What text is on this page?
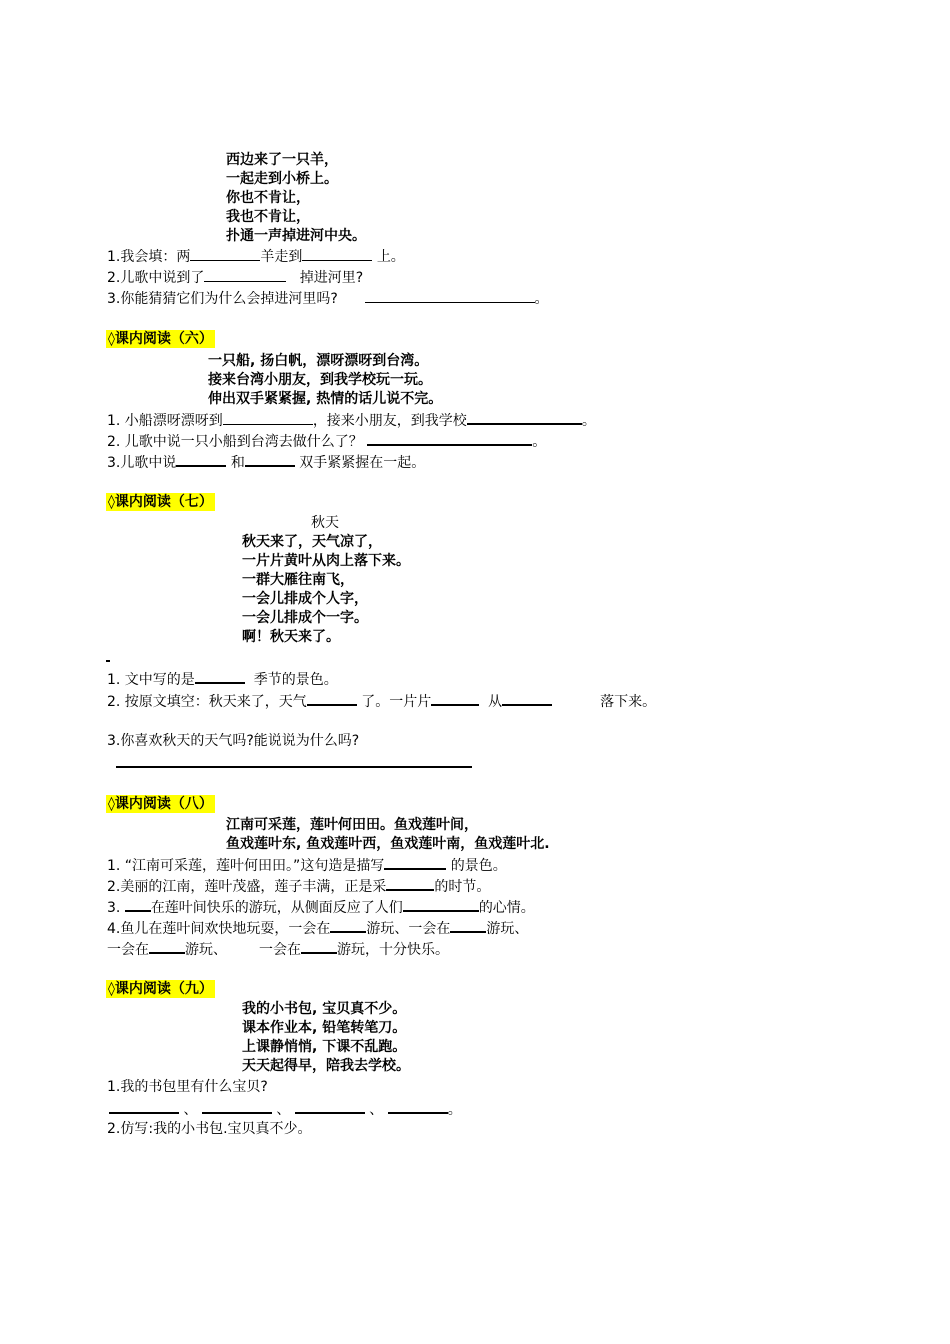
西边来了一只羊，
一起走到小桥上。
你也不肯让，
我也不肯让，
扑通一声掉进河中央。
1.我会填：两	羊走到	上。
2.儿歌中说到了	掉进河里?
3.你能猜猜它们为什么会掉进河里吗?	。
◊课内阅读（六）
一只船, 扬白帆，漂呀漂呀到台湾。
接来台湾小朋友，到我学校玩一玩。
伸出双手紧紧握, 热情的话儿说不完。
1. 小船漂呀漂呀到	，接来小朋友，到我学校	。
2. 儿歌中说一只小船到台湾去做什么了？	。
3.儿歌中说	和	双手紧紧握在一起。
◊课内阅读（七）
秋天
秋天来了，天气凉了，
一片片黄叶从肉上落下来。
一群大雁往南飞，
一会儿排成个人字，
一会儿排成个一字。
啊！秋天来了。
1. 文中写的是	季节的景色。
2. 按原文填空：秋天来了，天气	了。一片片	从	落下来。
3.你喜欢秋天的天气吗?能说说为什么吗?
◊课内阅读（八）
江南可采莲，莲叶何田田。鱼戏莲叶间，
鱼戏莲叶东, 鱼戏莲叶西，鱼戏莲叶南，鱼戏莲叶北.
1. “江南可采莲，莲叶何田田。”这句造是描写	的景色。
2.美丽的江南，莲叶茂盛，莲子丰满，正是采	的时节。
3. 在莲叶间快乐的游玩，从侧面反应了人们	的心情。
4.鱼儿在莲叶间欢快地玩耍，一会在	游玩、一会在	游玩、
一会在	游玩、 一会在	游玩，十分快乐。
◊课内阅读（九）
我的小书包, 宝贝真不少。
课本作业本, 铅笔转笔刀。
上课静悄悄, 下课不乱跑。
天天起得早，陪我去学校。
1.我的书包里有什么宝贝?
、	、	、	。
2.仿写:我的小书包.宝贝真不少。
